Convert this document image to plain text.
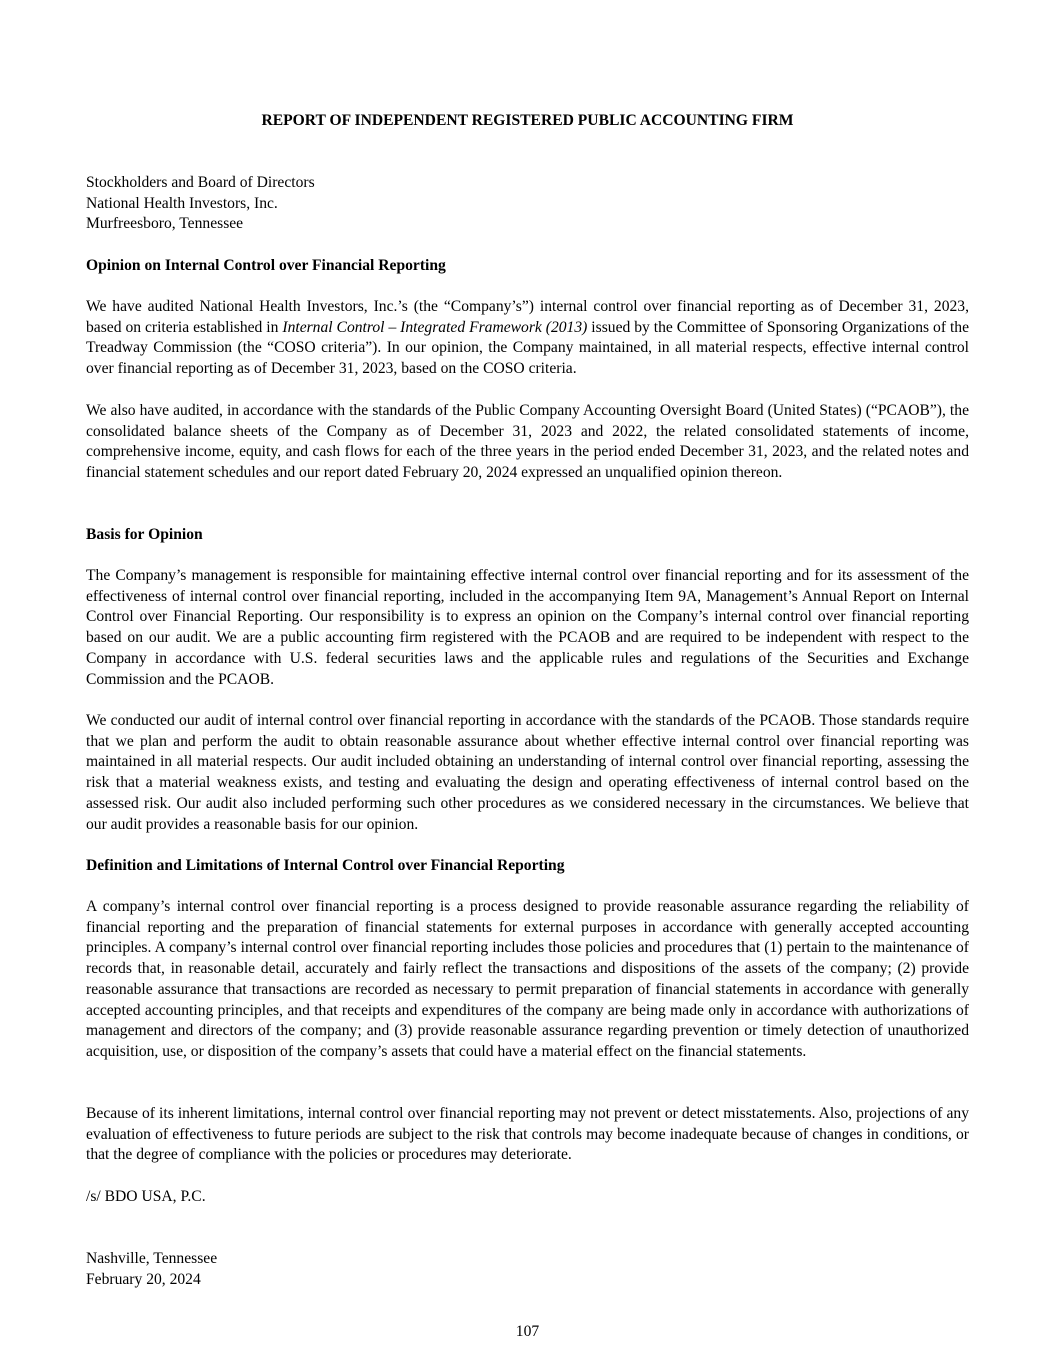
REPORT OF INDEPENDENT REGISTERED PUBLIC ACCOUNTING FIRM

Stockholders and Board of Directors

National Health Investors, Inc.

Murfreesboro, Tennessee

Opinion on Internal Control over Financial Reporting
We have audited National Health Investors, Inc.’s (the “Company’s”) internal control over financial reporting as of December 31, 2023, based on criteria established in Internal Control – Integrated Framework (2013) issued by the Committee of Sponsoring Organizations of the Treadway Commission (the “COSO criteria”). In our opinion, the Company maintained, in all material respects, effective internal control over financial reporting as of December 31, 2023, based on the COSO criteria.
We also have audited, in accordance with the standards of the Public Company Accounting Oversight Board (United States) (“PCAOB”), the consolidated balance sheets of the Company as of December 31, 2023 and 2022, the related consolidated statements of income, comprehensive income, equity, and cash flows for each of the three years in the period ended December 31, 2023, and the related notes and financial statement schedules and our report dated February 20, 2024 expressed an unqualified opinion thereon.
Basis for Opinion
The Company’s management is responsible for maintaining effective internal control over financial reporting and for its assessment of the effectiveness of internal control over financial reporting, included in the accompanying Item 9A, Management’s Annual Report on Internal Control over Financial Reporting. Our responsibility is to express an opinion on the Company’s internal control over financial reporting based on our audit. We are a public accounting firm registered with the PCAOB and are required to be independent with respect to the Company in accordance with U.S. federal securities laws and the applicable rules and regulations of the Securities and Exchange Commission and the PCAOB.
We conducted our audit of internal control over financial reporting in accordance with the standards of the PCAOB. Those standards require that we plan and perform the audit to obtain reasonable assurance about whether effective internal control over financial reporting was maintained in all material respects. Our audit included obtaining an understanding of internal control over financial reporting, assessing the risk that a material weakness exists, and testing and evaluating the design and operating effectiveness of internal control based on the assessed risk. Our audit also included performing such other procedures as we considered necessary in the circumstances. We believe that our audit provides a reasonable basis for our opinion.
Definition and Limitations of Internal Control over Financial Reporting
A company’s internal control over financial reporting is a process designed to provide reasonable assurance regarding the reliability of financial reporting and the preparation of financial statements for external purposes in accordance with generally accepted accounting principles. A company’s internal control over financial reporting includes those policies and procedures that (1) pertain to the maintenance of records that, in reasonable detail, accurately and fairly reflect the transactions and dispositions of the assets of the company; (2) provide reasonable assurance that transactions are recorded as necessary to permit preparation of financial statements in accordance with generally accepted accounting principles, and that receipts and expenditures of the company are being made only in accordance with authorizations of management and directors of the company; and (3) provide reasonable assurance regarding prevention or timely detection of unauthorized acquisition, use, or disposition of the company’s assets that could have a material effect on the financial statements.
Because of its inherent limitations, internal control over financial reporting may not prevent or detect misstatements. Also, projections of any evaluation of effectiveness to future periods are subject to the risk that controls may become inadequate because of changes in conditions, or that the degree of compliance with the policies or procedures may deteriorate.
/s/ BDO USA, P.C.

Nashville, Tennessee

February 20, 2024

107
